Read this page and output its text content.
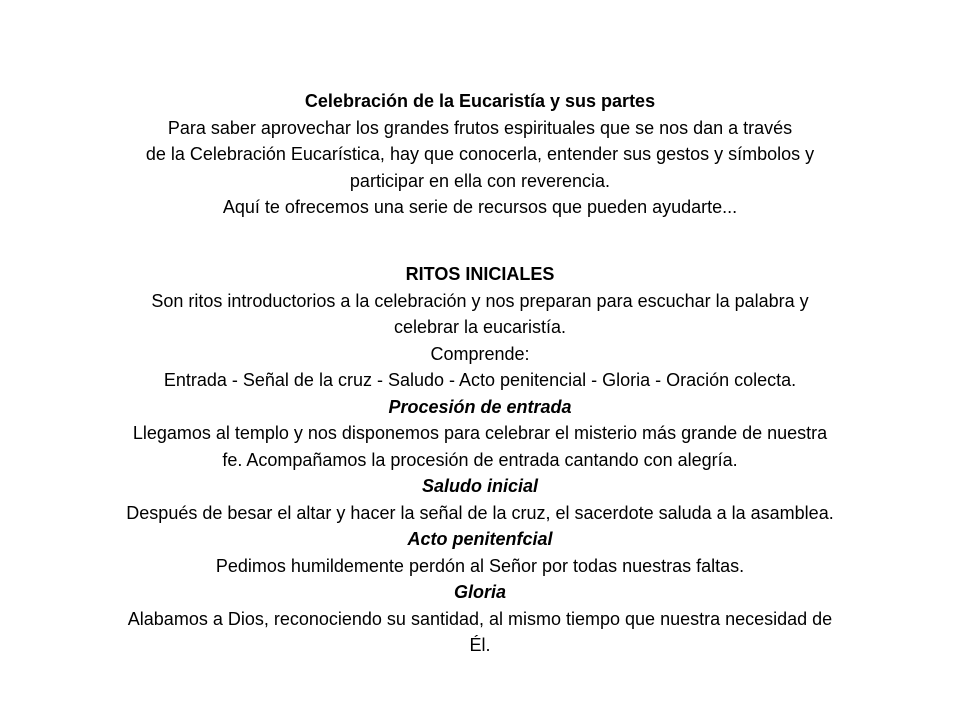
Celebración de la Eucaristía y sus partes

Para saber aprovechar los grandes frutos espirituales que se nos dan a través

de la Celebración Eucarística, hay que conocerla, entender sus gestos y símbolos y

participar en ella con reverencia.

Aquí te ofrecemos una serie de recursos que pueden ayudarte...

RITOS INICIALES

Son ritos introductorios a la celebración y nos preparan para escuchar la palabra y

celebrar la eucaristía.

Comprende:

Entrada - Señal de la cruz - Saludo - Acto penitencial - Gloria - Oración colecta.

Procesión de entrada

Llegamos al templo y nos disponemos para celebrar el misterio más grande de nuestra

fe. Acompañamos la procesión de entrada cantando con alegría.

Saludo inicial

Después de besar el altar y hacer la señal de la cruz, el sacerdote saluda a la asamblea.

Acto penitenfcial

Pedimos humildemente perdón al Señor por todas nuestras faltas.

Gloria

Alabamos a Dios, reconociendo su santidad, al mismo tiempo que nuestra necesidad de

Él.
